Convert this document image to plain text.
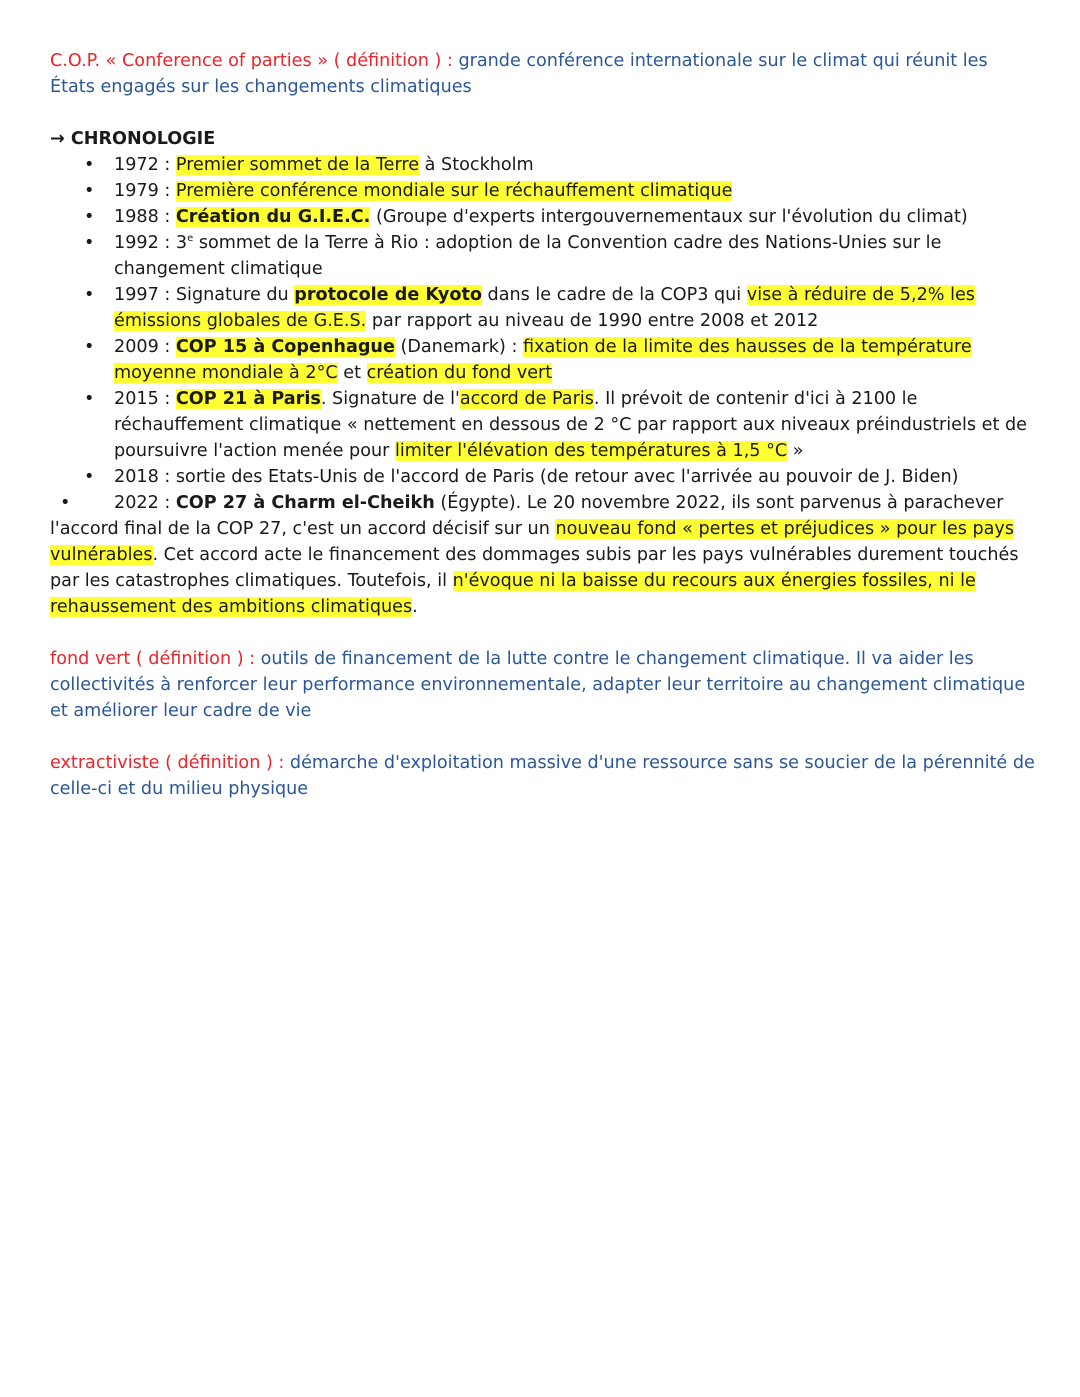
C.O.P. « Conference of parties » ( définition ) : grande conférence internationale sur le climat qui réunit les États engagés sur les changements climatiques

→ CHRONOLOGIE

• 1972 : Premier sommet de la Terre à Stockholm
• 1979 : Première conférence mondiale sur le réchauffement climatique
• 1988 : Création du G.I.E.C. (Groupe d'experts intergouvernementaux sur l'évolution du climat)
• 1992 : 3e sommet de la Terre à Rio : adoption de la Convention cadre des Nations-Unies sur le changement climatique
• 1997 : Signature du protocole de Kyoto dans le cadre de la COP3 qui vise à réduire de 5,2% les émissions globales de G.E.S. par rapport au niveau de 1990 entre 2008 et 2012
• 2009 : COP 15 à Copenhague (Danemark) : fixation de la limite des hausses de la température moyenne mondiale à 2°C et création du fond vert
• 2015 : COP 21 à Paris. Signature de l'accord de Paris. Il prévoit de contenir d'ici à 2100 le réchauffement climatique « nettement en dessous de 2 °C par rapport aux niveaux préindustriels et de poursuivre l'action menée pour limiter l'élévation des températures à 1,5 °C »
• 2018 : sortie des Etats-Unis de l'accord de Paris (de retour avec l'arrivée au pouvoir de J. Biden)

• 2022 : COP 27 à Charm el-Cheikh (Égypte). Le 20 novembre 2022, ils sont parvenus à parachever l'accord final de la COP 27, c'est un accord décisif sur un nouveau fond « pertes et préjudices » pour les pays vulnérables. Cet accord acte le financement des dommages subis par les pays vulnérables durement touchés par les catastrophes climatiques. Toutefois, il n'évoque ni la baisse du recours aux énergies fossiles, ni le rehaussement des ambitions climatiques.

fond vert ( définition ) : outils de financement de la lutte contre le changement climatique. Il va aider les collectivités à renforcer leur performance environnementale, adapter leur territoire au changement climatique et améliorer leur cadre de vie

extractiviste ( définition ) : démarche d'exploitation massive d'une ressource sans se soucier de la pérennité de celle-ci et du milieu physique
